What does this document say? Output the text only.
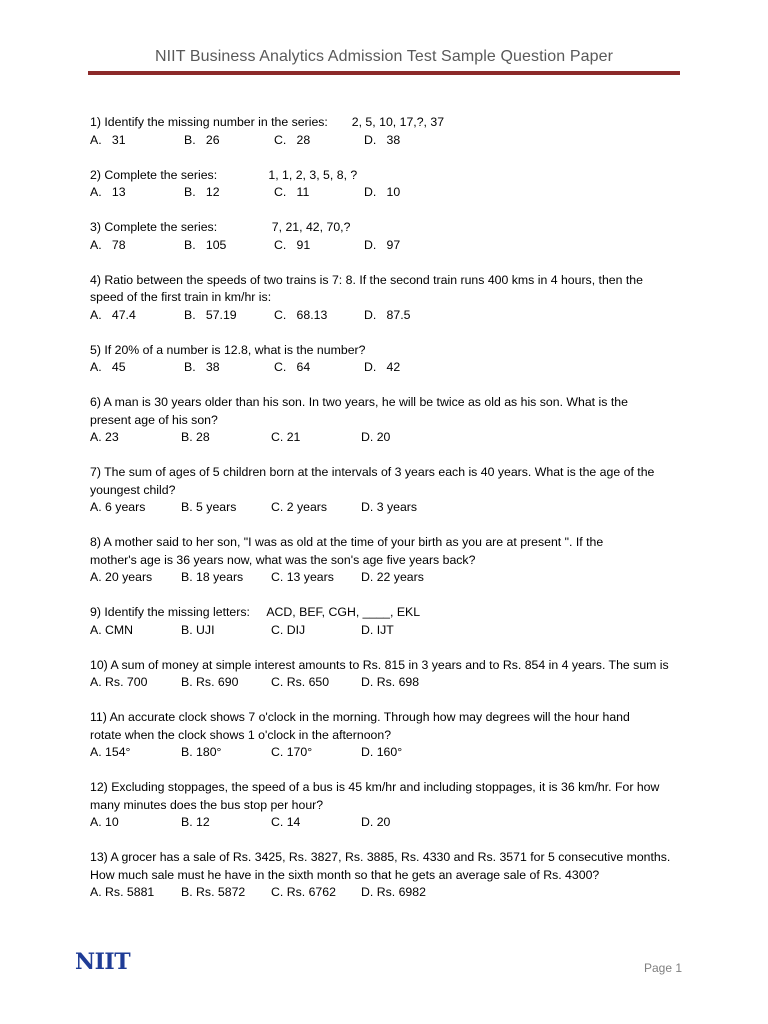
NIIT Business Analytics Admission Test Sample Question Paper
1) Identify the missing number in the series:       2, 5, 10, 17,?, 37
A.   31	B.   26	C.   28	D.   38
2) Complete the series:               1, 1, 2, 3, 5, 8, ?
A.   13	B.   12	C.   11	D.   10
3) Complete the series:                7, 21, 42, 70,?
A.   78	B.   105	C.   91	D.   97
4) Ratio between the speeds of two trains is 7: 8. If the second train runs 400 kms in 4 hours, then the
speed of the first train in km/hr is:
A.   47.4	B.   57.19	C.   68.13	D.   87.5
5) If 20% of a number is 12.8, what is the number?
A.   45	B.   38	C.   64	D.   42
6) A man is 30 years older than his son. In two years, he will be twice as old as his son. What is the
present age of his son?
A. 23	B. 28	C. 21	D. 20
7) The sum of ages of 5 children born at the intervals of 3 years each is 40 years. What is the age of the
youngest child?
A. 6 years	B. 5 years	C. 2 years	D. 3 years
8) A mother said to her son, "I was as old at the time of your birth as you are at present ". If the
mother's age is 36 years now, what was the son's age five years back?
A. 20 years B. 18 years C. 13 years D. 22 years
9) Identify the missing letters:     ACD, BEF, CGH, ____, EKL
A. CMN	B. UJI	C. DIJ	D. IJT
10) A sum of money at simple interest amounts to Rs. 815 in 3 years and to Rs. 854 in 4 years. The sum is
A. Rs. 700	B. Rs. 690	C. Rs. 650	D. Rs. 698
11) An accurate clock shows 7 o'clock in the morning. Through how may degrees will the hour hand
rotate when the clock shows 1 o'clock in the afternoon?
A. 154°	B. 180°	C. 170°	D. 160°
12) Excluding stoppages, the speed of a bus is 45 km/hr and including stoppages, it is 36 km/hr. For how
many minutes does the bus stop per hour?
A. 10	B. 12	C. 14	D. 20
13) A grocer has a sale of Rs. 3425, Rs. 3827, Rs. 3885, Rs. 4330 and Rs. 3571 for 5 consecutive months.
How much sale must he have in the sixth month so that he gets an average sale of Rs. 4300?
A. Rs. 5881 B. Rs. 5872 C. Rs. 6762 D. Rs. 6982
NIIT	Page 1
